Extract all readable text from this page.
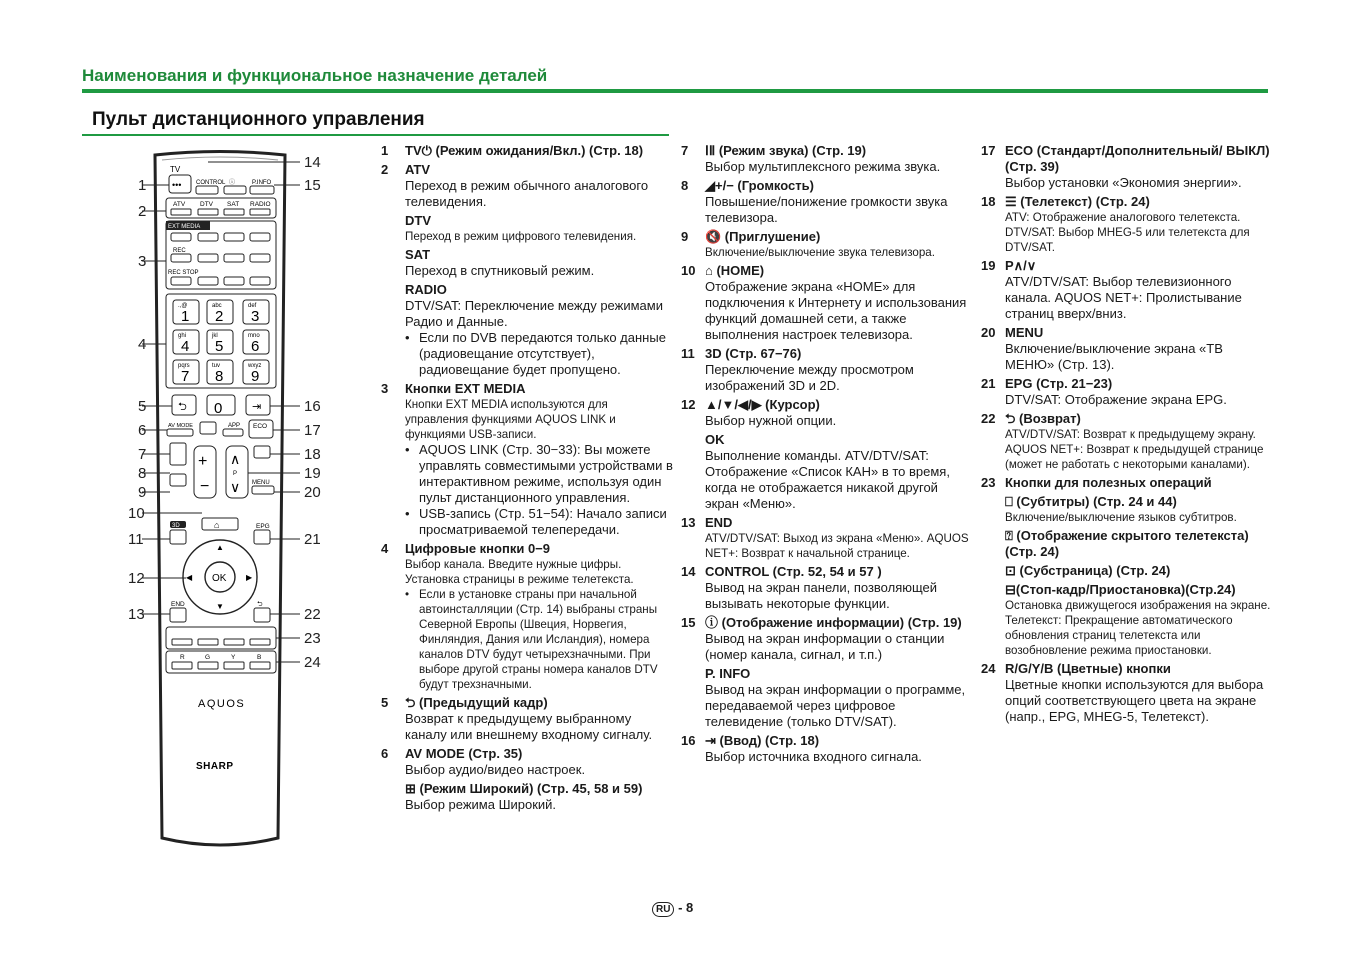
Наименования и функциональное назначение деталей
Пульт дистанционного управления
TV
••• CONTROL ⓘ	P.INFO
ATV DTV SAT RADIO
EXT MEDIA
REC
REC STOP
.,@
1
abc
2
def
3
ghi
4
jkl
5
mno
6
pqrs
7
tuv
8
wxyz
9
⮌ 0	⇥
AV MODE	APP ECO
+
−
∧
P
∨ MENU
⌂
3D	EPG
OK
▲
▼
◀	▶
END	⮌
R	G	Y	B
AQUOS
SHARP
1
2
3
4
5
6
7
8
9
10
11
12
13
14
15
16
17
18
19
20
21
22
23
24
1	TV⏻ (Режим ожидания/Вкл.) (Стр. 18)
2	ATV
Переход в режим обычного аналогового телевидения.
DTV
Переход в режим цифрового телевидения.
SAT
Переход в спутниковый режим.
RADIO
DTV/SAT: Переключение между режимами Радио и Данные.
• Если по DVB передаются только данные (радиовещание отсутствует), радиовещание будет пропущено.
3	Кнопки EXT MEDIA
Кнопки EXT MEDIA используются для управления функциями AQUOS LINK и функциями USB-записи.
• AQUOS LINK (Стр. 30−33): Вы можете управлять совместимыми устройствами в интерактивном режиме, используя один пульт дистанционного управления.
• USB-запись (Стр. 51−54): Начало записи просматриваемой телепередачи.
4	Цифровые кнопки 0−9
Выбор канала. Введите нужные цифры. Установка страницы в режиме телетекста.
• Если в установке страны при начальной автоинсталляции (Стр. 14) выбраны страны Северной Европы (Швеция, Норвегия, Финляндия, Дания или Исландия), номера каналов DTV будут четырехзначными. При выборе другой страны номера каналов DTV будут трехзначными.
5	⮌ (Предыдущий кадр)
Возврат к предыдущему выбранному каналу или внешнему входному сигналу.
6	AV MODE (Стр. 35)
Выбор аудио/видео настроек.
⊞ (Режим Широкий) (Стр. 45, 58 и 59)
Выбор режима Широкий.
7	ⅠⅡ (Режим звука) (Стр. 19)
Выбор мультиплексного режима звука.
8	◢+/− (Громкость)
Повышение/понижение громкости звука телевизора.
9	🔇 (Приглушение)
Включение/выключение звука телевизора.
10 ⌂ (HOME)
Отображение экрана «HOME» для подключения к Интернету и использования функций домашней сети, а также выполнения настроек телевизора.
11 3D (Стр. 67−76)
Переключение между просмотром изображений 3D и 2D.
12 ▲/▼/◀/▶ (Курсор)
Выбор нужной опции.
OK
Выполнение команды. ATV/DTV/SAT: Отображение «Список КАН» в то время, когда не отображается никакой другой экран «Меню».
13 END
ATV/DTV/SAT: Выход из экрана «Меню». AQUOS NET+: Возврат к начальной странице.
14 CONTROL (Стр. 52, 54 и 57 )
Вывод на экран панели, позволяющей вызывать некоторые функции.
15 ⓘ (Отображение информации) (Стр. 19)
Вывод на экран информации о станции (номер канала, сигнал, и т.п.)
P. INFO
Вывод на экран информации о программе, передаваемой через цифровое телевидение (только DTV/SAT).
16 ⇥ (Ввод) (Стр. 18)
Выбор источника входного сигнала.
17 ECO (Стандарт/Дополнительный/ ВЫКЛ) (Стр. 39)
Выбор установки «Экономия энергии».
18 ☰ (Телетекст) (Стр. 24)
ATV: Отображение аналогового телетекста. DTV/SAT: Выбор MHEG-5 или телетекста для DTV/SAT.
19 P∧/∨
ATV/DTV/SAT: Выбор телевизионного канала. AQUOS NET+: Пролистывание страниц вверх/вниз.
20 MENU
Включение/выключение экрана «ТВ МЕНЮ» (Стр. 13).
21 EPG (Стр. 21−23)
DTV/SAT: Отображение экрана EPG.
22 ⮌ (Возврат)
ATV/DTV/SAT: Возврат к предыдущему экрану. AQUOS NET+: Возврат к предыдущей странице (может не работать с некоторыми каналами).
23 Кнопки для полезных операций
⎕ (Субтитры) (Стр. 24 и 44)
Включение/выключение языков субтитров.
⍰ (Отображение скрытого телетекста) (Стр. 24)
⊡ (Субстраница) (Стр. 24)
⊟(Стоп-кадр/Приостановка)(Стр.24)
Остановка движущегося изображения на экране. Телетекст: Прекращение автоматического обновления страниц телетекста или возобновление режима приостановки.
24 R/G/Y/B (Цветные) кнопки
Цветные кнопки используются для выбора опций соответствующего цвета на экране (напр., EPG, MHEG-5, Телетекст).
RU - 8
